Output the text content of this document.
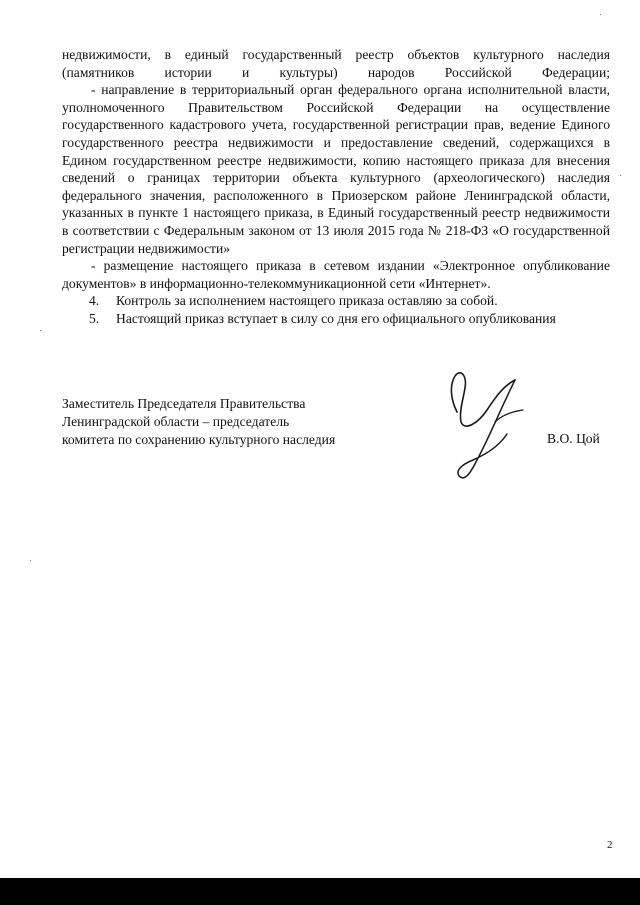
недвижимости, в единый государственный реестр объектов культурного наследия (памятников истории и культуры) народов Российской Федерации;

- направление в территориальный орган федерального органа исполнительной власти, уполномоченного Правительством Российской Федерации на осуществление государственного кадастрового учета, государственной регистрации прав, ведение Единого государственного реестра недвижимости и предоставление сведений, содержащихся в Едином государственном реестре недвижимости, копию настоящего приказа для внесения сведений о границах территории объекта культурного (археологического) наследия федерального значения, расположенного в Приозерском районе Ленинградской области, указанных в пункте 1 настоящего приказа, в Единый государственный реестр недвижимости в соответствии с Федеральным законом от 13 июля 2015 года № 218-ФЗ «О государственной регистрации недвижимости»

- размещение настоящего приказа в сетевом издании «Электронное опубликование документов» в информационно-телекоммуникационной сети «Интернет».

4.	Контроль за исполнением настоящего приказа оставляю за собой.
5.	Настоящий приказ вступает в силу со дня его официального опубликования
Заместитель Председателя Правительства
Ленинградской области – председатель
комитета по сохранению культурного наследия	В.О. Цой
2
